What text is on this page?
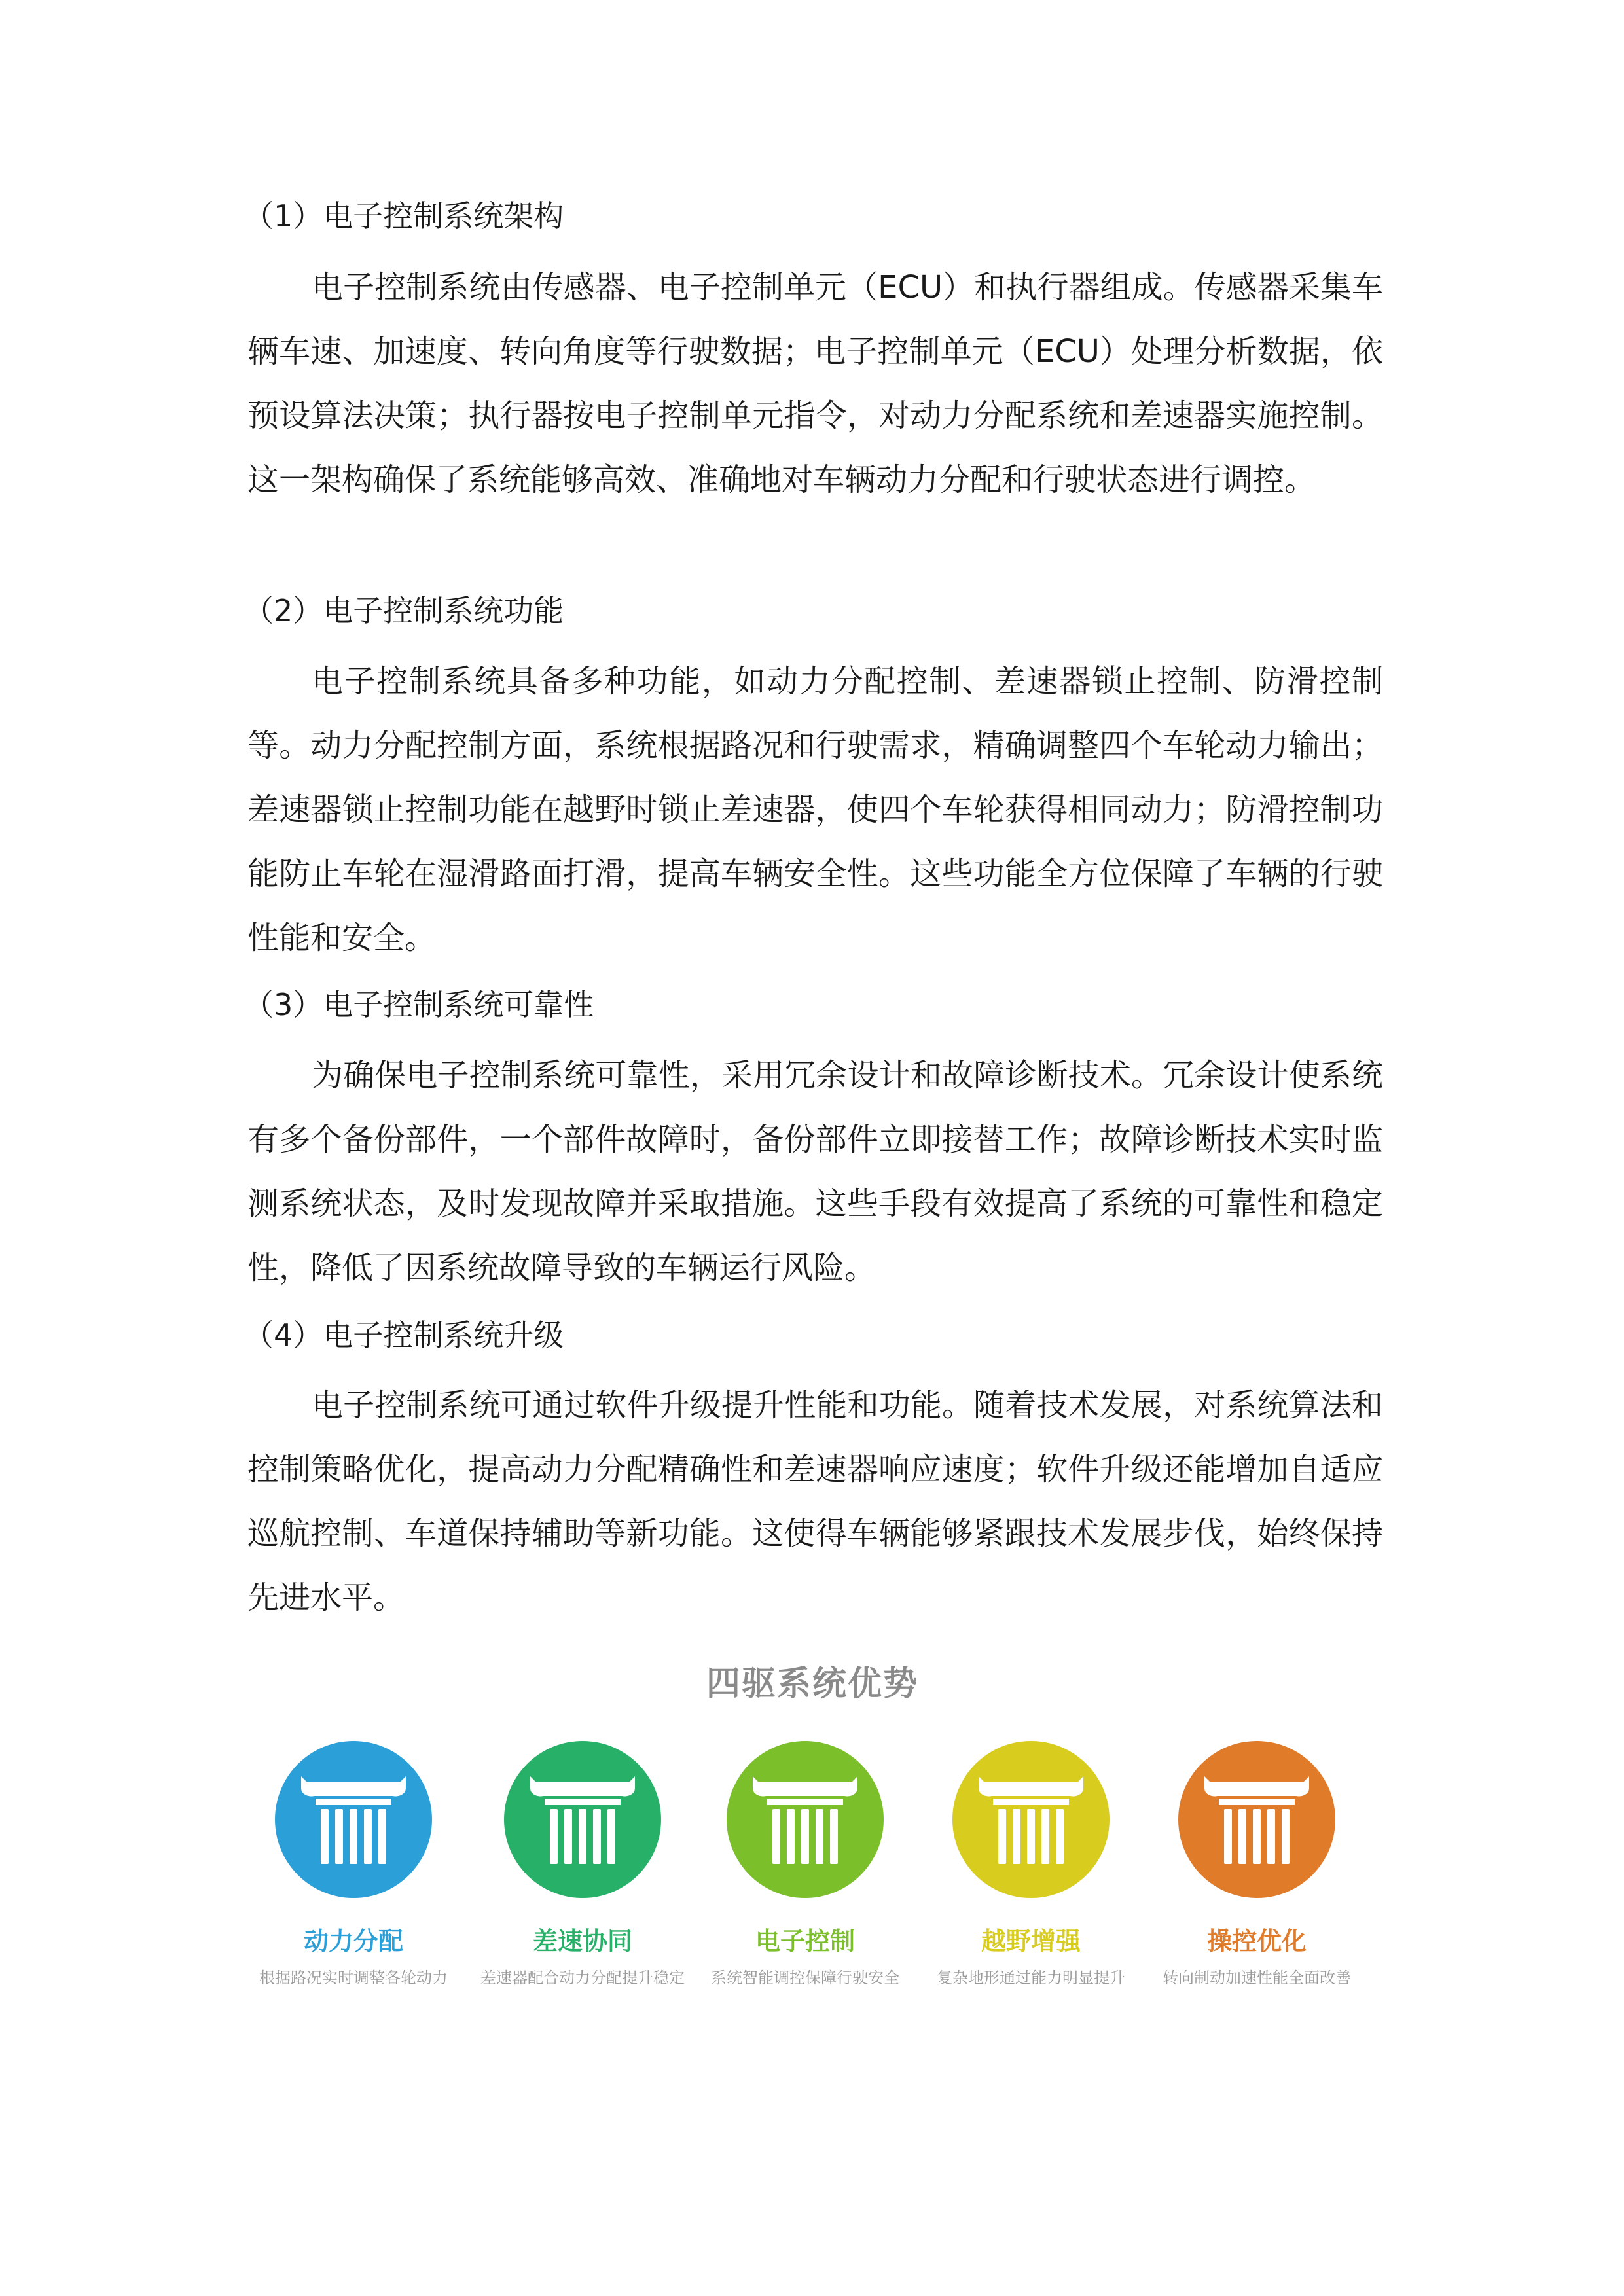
（1）电子控制系统架构
电子控制系统由传感器、电子控制单元（ECU）和执行器组成。传感器采集车辆车速、加速度、转向角度等行驶数据；电子控制单元（ECU）处理分析数据，依预设算法决策；执行器按电子控制单元指令，对动力分配系统和差速器实施控制。这一架构确保了系统能够高效、准确地对车辆动力分配和行驶状态进行调控。
（2）电子控制系统功能
电子控制系统具备多种功能，如动力分配控制、差速器锁止控制、防滑控制等。动力分配控制方面，系统根据路况和行驶需求，精确调整四个车轮动力输出；差速器锁止控制功能在越野时锁止差速器，使四个车轮获得相同动力；防滑控制功能防止车轮在湿滑路面打滑，提高车辆安全性。这些功能全方位保障了车辆的行驶性能和安全。
（3）电子控制系统可靠性
为确保电子控制系统可靠性，采用冗余设计和故障诊断技术。冗余设计使系统有多个备份部件，一个部件故障时，备份部件立即接替工作；故障诊断技术实时监测系统状态，及时发现故障并采取措施。这些手段有效提高了系统的可靠性和稳定性，降低了因系统故障导致的车辆运行风险。
（4）电子控制系统升级
电子控制系统可通过软件升级提升性能和功能。随着技术发展，对系统算法和控制策略优化，提高动力分配精确性和差速器响应速度；软件升级还能增加自适应巡航控制、车道保持辅助等新功能。这使得车辆能够紧跟技术发展步伐，始终保持先进水平。
四驱系统优势
动力分配
根据路况实时调整各轮动力
差速协同
差速器配合动力分配提升稳定
电子控制
系统智能调控保障行驶安全
越野增强
复杂地形通过能力明显提升
操控优化
转向制动加速性能全面改善
